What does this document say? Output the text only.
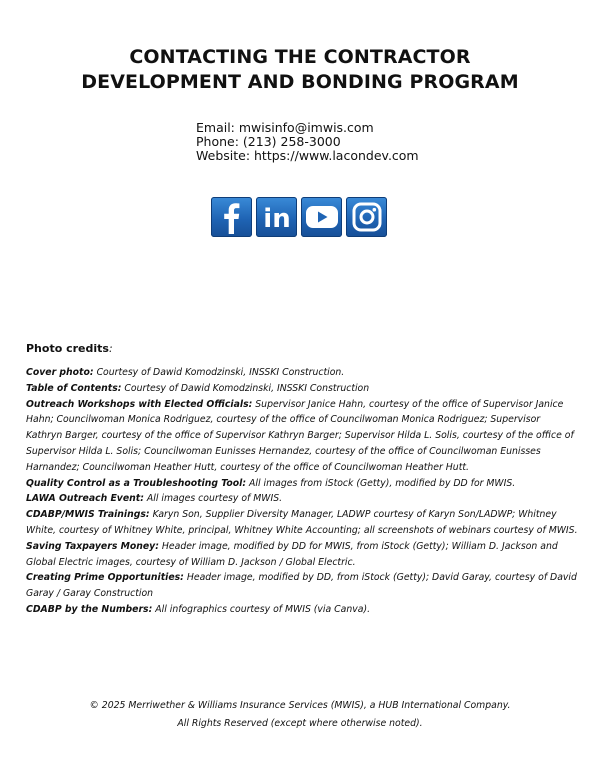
CONTACTING THE CONTRACTOR
DEVELOPMENT AND BONDING PROGRAM
Email: mwisinfo@imwis.com
Phone: (213) 258-3000
Website: https://www.lacondev.com
in
Photo credits:
Cover photo: Courtesy of Dawid Komodzinski, INSSKI Construction.
Table of Contents: Courtesy of Dawid Komodzinski, INSSKI Construction
Outreach Workshops with Elected Officials: Supervisor Janice Hahn, courtesy of the office of Supervisor Janice Hahn; Councilwoman Monica Rodriguez, courtesy of the office of Councilwoman Monica Rodriguez; Supervisor Kathryn Barger, courtesy of the office of Supervisor Kathryn Barger; Supervisor Hilda L. Solis, courtesy of the office of Supervisor Hilda L. Solis; Councilwoman Eunisses Hernandez, courtesy of the office of Councilwoman Eunisses Harnandez; Councilwoman Heather Hutt, courtesy of the office of Councilwoman Heather Hutt.
Quality Control as a Troubleshooting Tool: All images from iStock (Getty), modified by DD for MWIS.
LAWA Outreach Event: All images courtesy of MWIS.
CDABP/MWIS Trainings: Karyn Son, Supplier Diversity Manager, LADWP courtesy of Karyn Son/LADWP; Whitney White, courtesy of Whitney White, principal, Whitney White Accounting; all screenshots of webinars courtesy of MWIS.
Saving Taxpayers Money: Header image, modified by DD for MWIS, from iStock (Getty); William D. Jackson and Global Electric images, courtesy of William D. Jackson / Global Electric.
Creating Prime Opportunities: Header image, modified by DD, from iStock (Getty); David Garay, courtesy of David Garay / Garay Construction
CDABP by the Numbers: All infographics courtesy of MWIS (via Canva).
© 2025 Merriwether & Williams Insurance Services (MWIS), a HUB International Company.
All Rights Reserved (except where otherwise noted).
